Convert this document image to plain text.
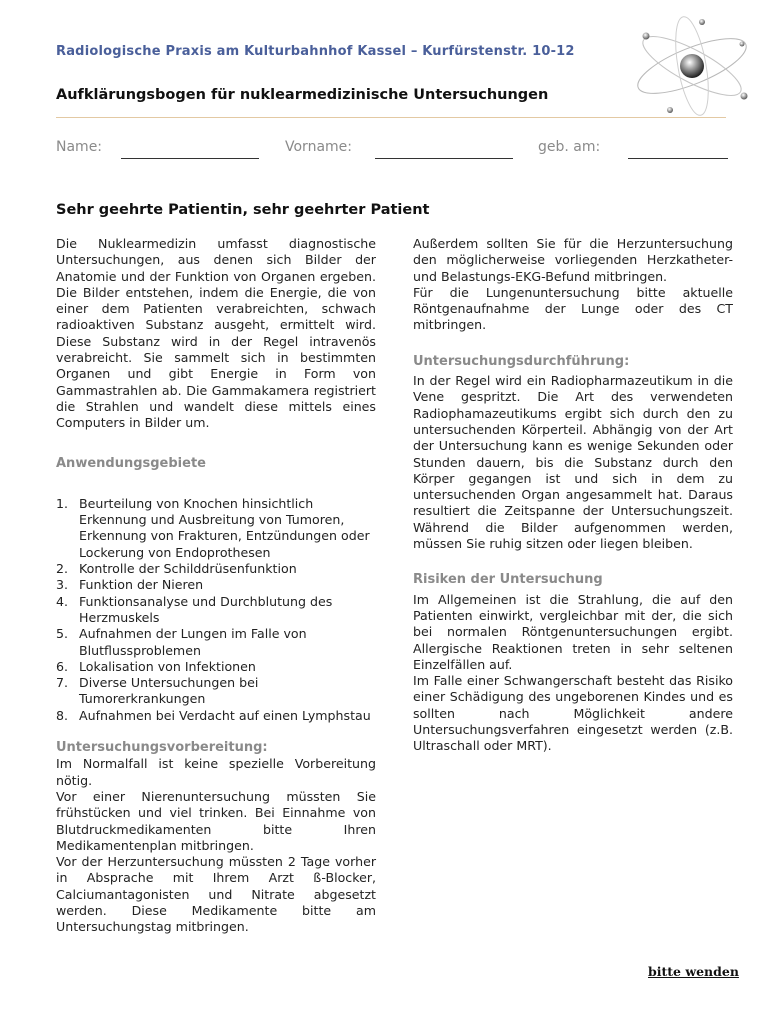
Radiologische Praxis am Kulturbahnhof Kassel – Kurfürstenstr. 10-12
Aufklärungsbogen für nuklearmedizinische Untersuchungen
Name:	Vorname:	geb. am:
Sehr geehrte Patientin, sehr geehrter Patient

Die Nuklearmedizin umfasst diagnostische Untersuchungen, aus denen sich Bilder der Anatomie und der Funktion von Organen ergeben. Die Bilder entstehen, indem die Energie, die von einer dem Patienten verabreichten, schwach radioaktiven Substanz ausgeht, ermittelt wird. Diese Substanz wird in der Regel intravenös verabreicht. Sie sammelt sich in bestimmten Organen und gibt Energie in Form von Gammastrahlen ab. Die Gammakamera registriert die Strahlen und wandelt diese mittels eines Computers in Bilder um.

Anwendungsgebiete

1. Beurteilung von Knochen hinsichtlich Erkennung und Ausbreitung von Tumoren, Erkennung von Frakturen, Entzündungen oder Lockerung von Endoprothesen
2. Kontrolle der Schilddrüsenfunktion
3. Funktion der Nieren
4. Funktionsanalyse und Durchblutung des Herzmuskels
5. Aufnahmen der Lungen im Falle von Blutflussproblemen
6. Lokalisation von Infektionen
7. Diverse Untersuchungen bei Tumorerkrankungen
8. Aufnahmen bei Verdacht auf einen Lymphstau

Untersuchungsvorbereitung:

Im Normalfall ist keine spezielle Vorbereitung nötig.

Vor einer Nierenuntersuchung müssten Sie frühstücken und viel trinken. Bei Einnahme von Blutdruckmedikamenten bitte Ihren Medikamentenplan mitbringen.

Vor der Herzuntersuchung müssten 2 Tage vorher in Absprache mit Ihrem Arzt ß-Blocker, Calciumantagonisten und Nitrate abgesetzt werden. Diese Medikamente bitte am Untersuchungstag mitbringen.

Außerdem sollten Sie für die Herzuntersuchung den möglicherweise vorliegenden Herzkatheter- und Belastungs-EKG-Befund mitbringen.

Für die Lungenuntersuchung bitte aktuelle Röntgenaufnahme der Lunge oder des CT mitbringen.

Untersuchungsdurchführung:

In der Regel wird ein Radiopharmazeutikum in die Vene gespritzt. Die Art des verwendeten Radiophamazeutikums ergibt sich durch den zu untersuchenden Körperteil. Abhängig von der Art der Untersuchung kann es wenige Sekunden oder Stunden dauern, bis die Substanz durch den Körper gegangen ist und sich in dem zu untersuchenden Organ angesammelt hat. Daraus resultiert die Zeitspanne der Untersuchungszeit. Während die Bilder aufgenommen werden, müssen Sie ruhig sitzen oder liegen bleiben.

Risiken der Untersuchung

Im Allgemeinen ist die Strahlung, die auf den Patienten einwirkt, vergleichbar mit der, die sich bei normalen Röntgenuntersuchungen ergibt. Allergische Reaktionen treten in sehr seltenen Einzelfällen auf.

Im Falle einer Schwangerschaft besteht das Risiko einer Schädigung des ungeborenen Kindes und es sollten nach Möglichkeit andere Untersuchungsverfahren eingesetzt werden (z.B. Ultraschall oder MRT).

bitte wenden
